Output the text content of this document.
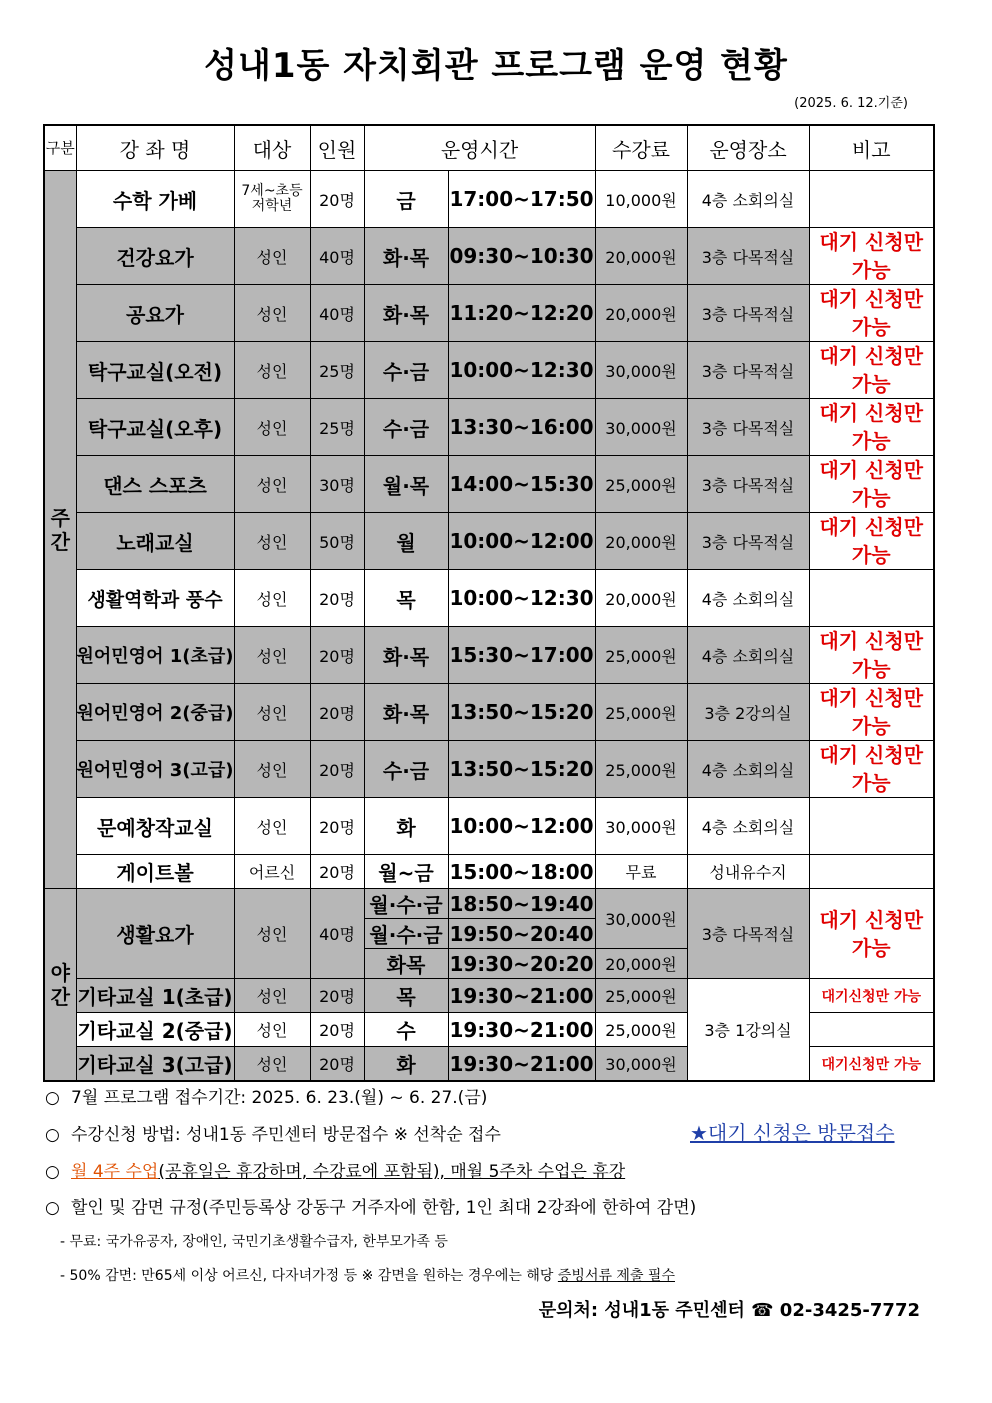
성내1동 자치회관 프로그램 운영 현황
(2025. 6. 12.기준)
구분	강 좌 명	대상	인원	운영시간		수강료	운영장소	비고
주간	수학 가베	7세~초등 저학년	20명	금	17:00~17:50	10,000원	4층 소회의실	
	건강요가	성인	40명	화·목	09:30~10:30	20,000원	3층 다목적실	대기 신청만 가능
	공요가	성인	40명	화·목	11:20~12:20	20,000원	3층 다목적실	대기 신청만 가능
	탁구교실(오전)	성인	25명	수·금	10:00~12:30	30,000원	3층 다목적실	대기 신청만 가능
	탁구교실(오후)	성인	25명	수·금	13:30~16:00	30,000원	3층 다목적실	대기 신청만 가능
	댄스 스포츠	성인	30명	월·목	14:00~15:30	25,000원	3층 다목적실	대기 신청만 가능
	노래교실	성인	50명	월	10:00~12:00	20,000원	3층 다목적실	대기 신청만 가능
	생활역학과 풍수	성인	20명	목	10:00~12:30	20,000원	4층 소회의실	
	원어민영어 1(초급)	성인	20명	화·목	15:30~17:00	25,000원	4층 소회의실	대기 신청만 가능
	원어민영어 2(중급)	성인	20명	화·목	13:50~15:20	25,000원	3층 2강의실	대기 신청만 가능
	원어민영어 3(고급)	성인	20명	수·금	13:50~15:20	25,000원	4층 소회의실	대기 신청만 가능
	문예창작교실	성인	20명	화	10:00~12:00	30,000원	4층 소회의실	
	게이트볼	어르신	20명	월~금	15:00~18:00	무료	성내유수지	
야간	생활요가	성인	40명	월·수·금	18:50~19:40	30,000원	3층 다목적실	대기 신청만 가능
				월·수·금	19:50~20:40			
				화목	19:30~20:20	20,000원		
	기타교실 1(초급)	성인	20명	목	19:30~21:00	25,000원	3층 1강의실	대기신청만 가능
	기타교실 2(중급)	성인	20명	수	19:30~21:00	25,000원		
	기타교실 3(고급)	성인	20명	화	19:30~21:00	30,000원		대기신청만 가능
○ 7월 프로그램 접수기간: 2025. 6. 23.(월) ~ 6. 27.(금)
○ 수강신청 방법: 성내1동 주민센터 방문접수 ※ 선착순 접수	★대기 신청은 방문접수
○ 월 4주 수업(공휴일은 휴강하며, 수강료에 포함됨), 매월 5주차 수업은 휴강
○ 할인 및 감면 규정(주민등록상 강동구 거주자에 한함, 1인 최대 2강좌에 한하여 감면)
- 무료: 국가유공자, 장애인, 국민기초생활수급자, 한부모가족 등
- 50% 감면: 만65세 이상 어르신, 다자녀가정 등 ※ 감면을 원하는 경우에는 해당 증빙서류 제출 필수
문의처: 성내1동 주민센터 ☎ 02-3425-7772
